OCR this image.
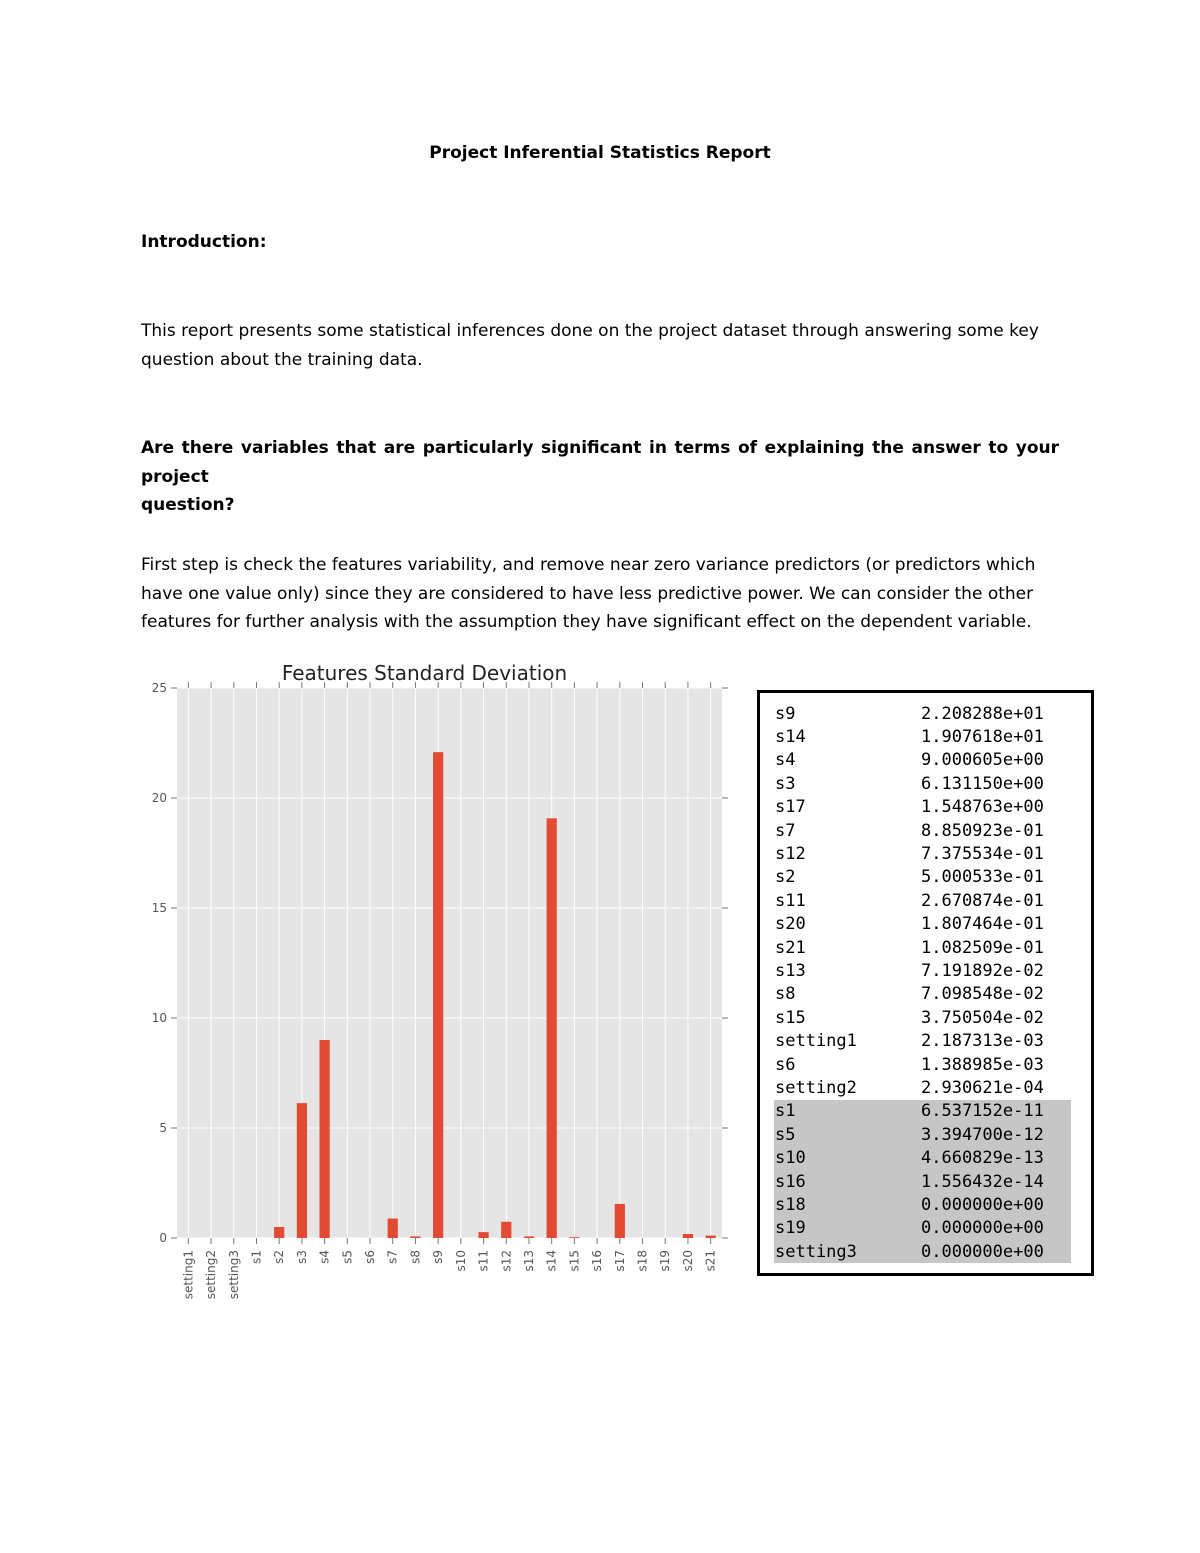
Project Inferential Statistics Report
Introduction:
This report presents some statistical inferences done on the project dataset through answering some key
question about the training data.
Are there variables that are particularly significant in terms of explaining the answer to your project
question?
First step is check the features variability, and remove near zero variance predictors (or predictors which
have one value only) since they are considered to have less predictive power. We can consider the other
features for further analysis with the assumption they have significant effect on the dependent variable.
0
5
10
15
20
25
setting1 setting2 setting3 s1 s2 s3 s4 s5 s6 s7 s8 s9 s10 s11 s12 s13 s14 s15 s16 s17 s18 s19 s20 s21
Features Standard Deviation
s9	2.208288e+01
s14	1.907618e+01
s4	9.000605e+00
s3	6.131150e+00
s17	1.548763e+00
s7	8.850923e-01
s12	7.375534e-01
s2	5.000533e-01
s11	2.670874e-01
s20	1.807464e-01
s21	1.082509e-01
s13	7.191892e-02
s8	7.098548e-02
s15	3.750504e-02
setting1	2.187313e-03
s6	1.388985e-03
setting2	2.930621e-04
s1	6.537152e-11
s5	3.394700e-12
s10	4.660829e-13
s16	1.556432e-14
s18	0.000000e+00
s19	0.000000e+00
setting3	0.000000e+00
